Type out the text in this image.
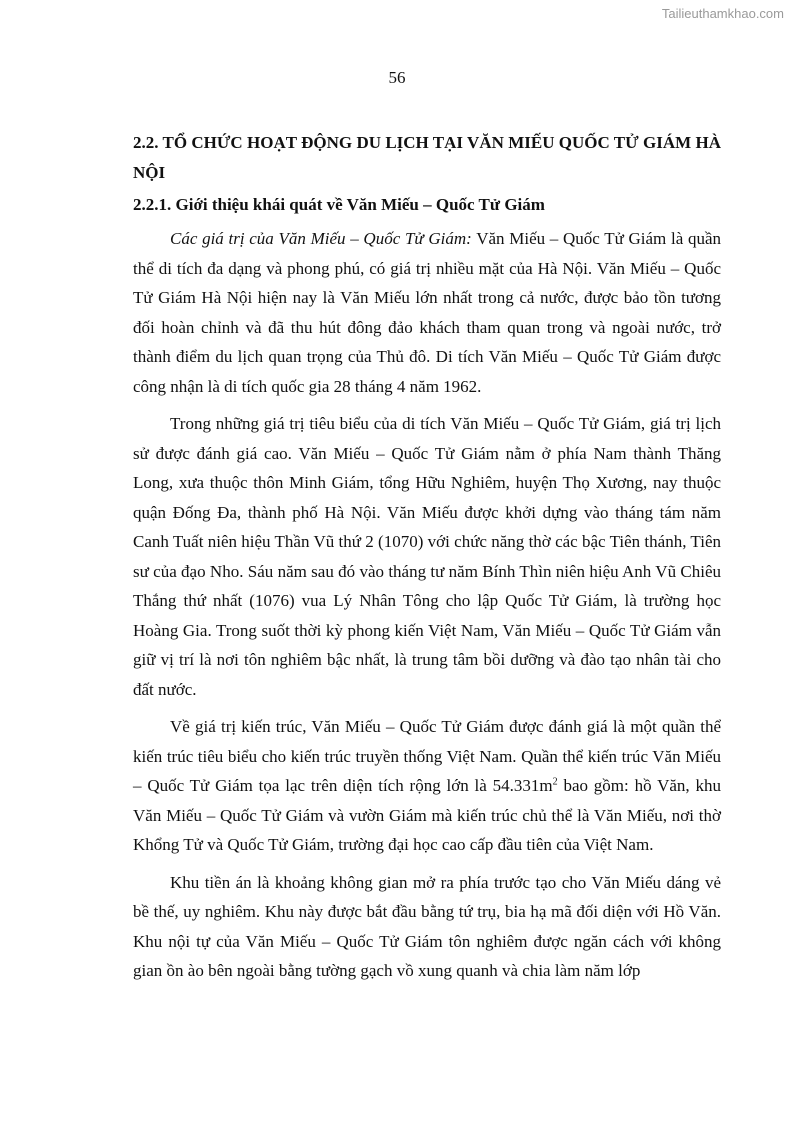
Tailieuthamkhao.com
56
2.2. TỔ CHỨC HOẠT ĐỘNG DU LỊCH TẠI VĂN MIẾU QUỐC TỬ GIÁM HÀ NỘI
2.2.1. Giới thiệu khái quát về Văn Miếu – Quốc Tử Giám

Các giá trị của Văn Miếu – Quốc Tử Giám: Văn Miếu – Quốc Tử Giám là quần thể di tích đa dạng và phong phú, có giá trị nhiều mặt của Hà Nội. Văn Miếu – Quốc Tử Giám Hà Nội hiện nay là Văn Miếu lớn nhất trong cả nước, được bảo tồn tương đối hoàn chỉnh và đã thu hút đông đảo khách tham quan trong và ngoài nước, trở thành điểm du lịch quan trọng của Thủ đô. Di tích Văn Miếu – Quốc Tử Giám được công nhận là di tích quốc gia 28 tháng 4 năm 1962.

Trong những giá trị tiêu biểu của di tích Văn Miếu – Quốc Tử Giám, giá trị lịch sử được đánh giá cao. Văn Miếu – Quốc Tử Giám nằm ở phía Nam thành Thăng Long, xưa thuộc thôn Minh Giám, tổng Hữu Nghiêm, huyện Thọ Xương, nay thuộc quận Đống Đa, thành phố Hà Nội. Văn Miếu được khởi dựng vào tháng tám năm Canh Tuất niên hiệu Thần Vũ thứ 2 (1070) với chức năng thờ các bậc Tiên thánh, Tiên sư của đạo Nho. Sáu năm sau đó vào tháng tư năm Bính Thìn niên hiệu Anh Vũ Chiêu Thắng thứ nhất (1076) vua Lý Nhân Tông cho lập Quốc Tử Giám, là trường học Hoàng Gia. Trong suốt thời kỳ phong kiến Việt Nam, Văn Miếu – Quốc Tử Giám vẫn giữ vị trí là nơi tôn nghiêm bậc nhất, là trung tâm bồi dưỡng và đào tạo nhân tài cho đất nước.

Về giá trị kiến trúc, Văn Miếu – Quốc Tử Giám được đánh giá là một quần thể kiến trúc tiêu biểu cho kiến trúc truyền thống Việt Nam. Quần thể kiến trúc Văn Miếu – Quốc Tử Giám tọa lạc trên diện tích rộng lớn là $54.331m^2$ bao gồm: hồ Văn, khu Văn Miếu – Quốc Tử Giám và vườn Giám mà kiến trúc chủ thể là Văn Miếu, nơi thờ Khổng Tử và Quốc Tử Giám, trường đại học cao cấp đầu tiên của Việt Nam.

Khu tiền án là khoảng không gian mở ra phía trước tạo cho Văn Miếu dáng vẻ bề thế, uy nghiêm. Khu này được bắt đầu bằng tứ trụ, bia hạ mã đối diện với Hồ Văn. Khu nội tự của Văn Miếu – Quốc Tử Giám tôn nghiêm được ngăn cách với không gian ồn ào bên ngoài bằng tường gạch vồ xung quanh và chia làm năm lớp
